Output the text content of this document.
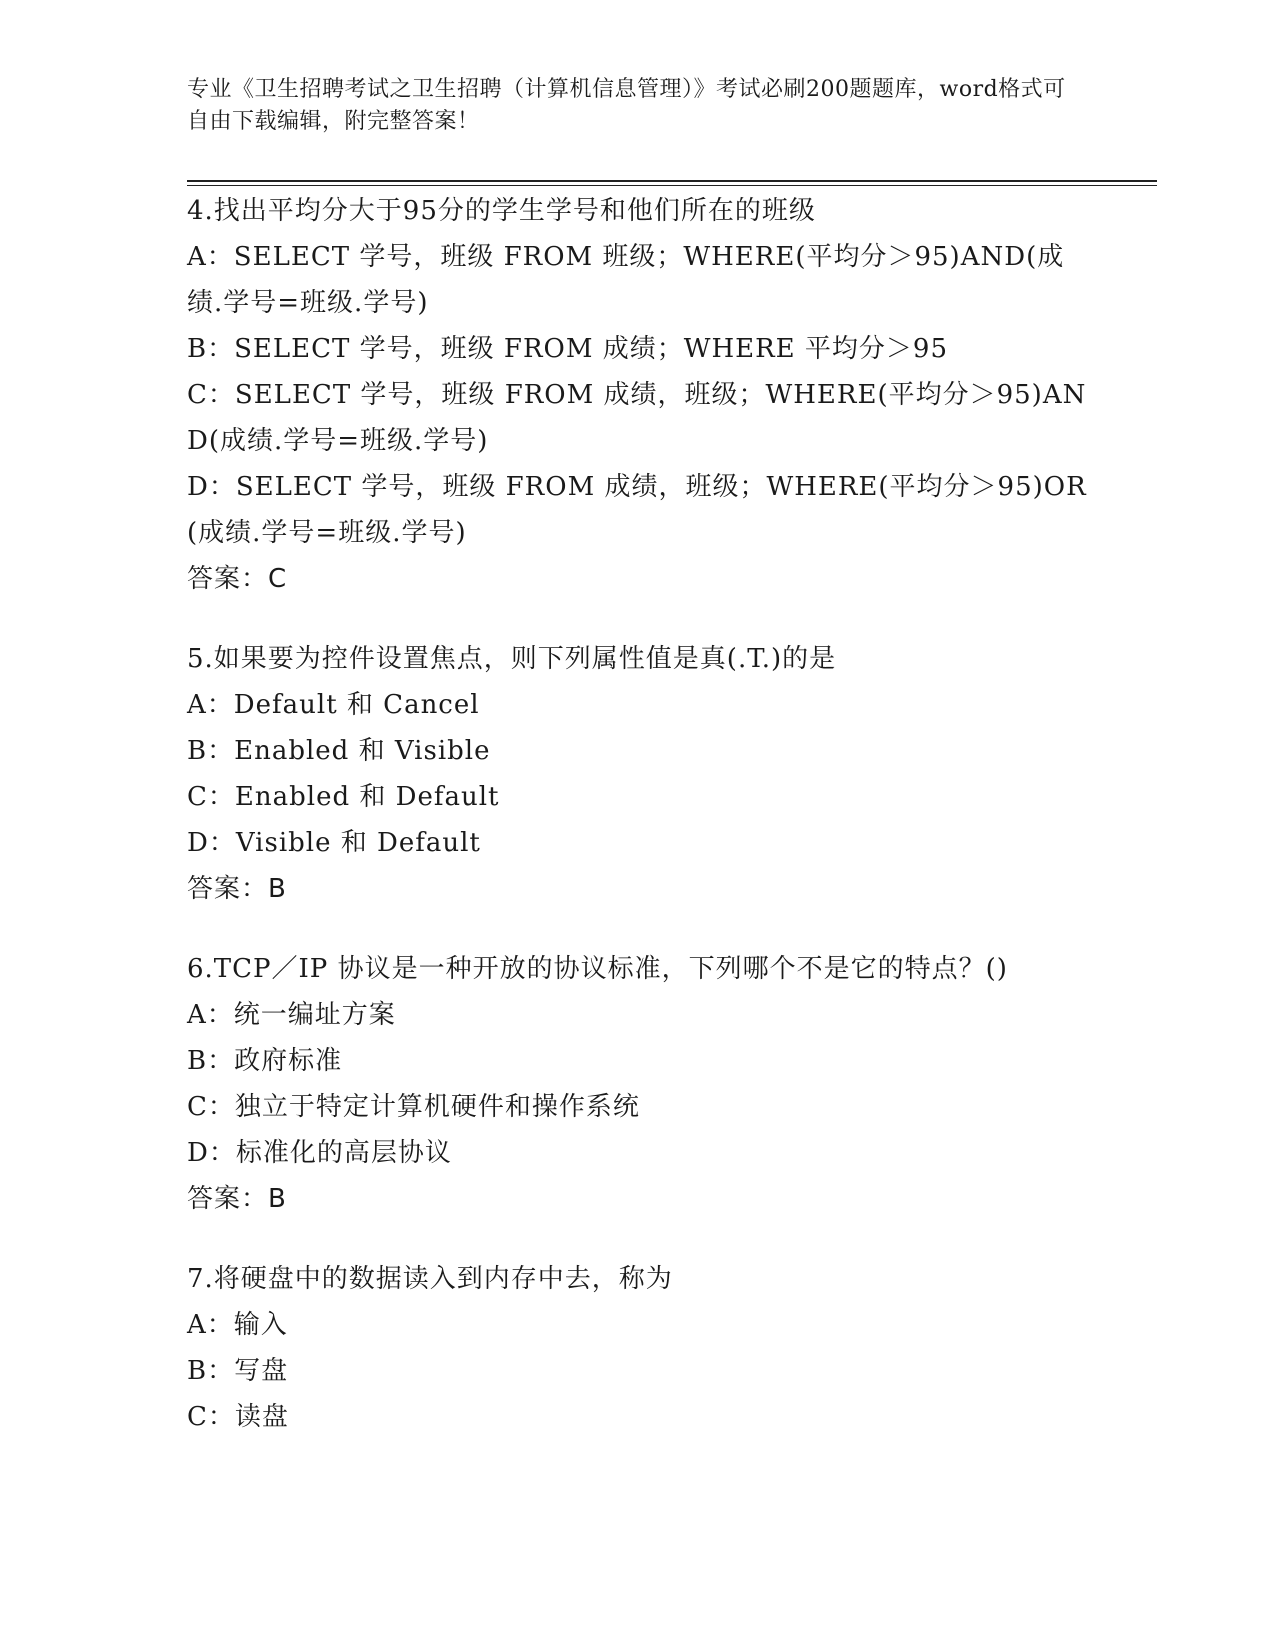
专业《卫生招聘考试之卫生招聘（计算机信息管理）》考试必刷200题题库，word格式可自由下载编辑，附完整答案！
4.找出平均分大于95分的学生学号和他们所在的班级
A：SELECT 学号，班级 FROM 班级；WHERE(平均分＞95)AND(成绩.学号=班级.学号)
B：SELECT 学号，班级 FROM 成绩；WHERE 平均分＞95
C：SELECT 学号，班级 FROM 成绩，班级；WHERE(平均分＞95)AND(成绩.学号=班级.学号)
D：SELECT 学号，班级 FROM 成绩，班级；WHERE(平均分＞95)OR(成绩.学号=班级.学号)
答案：C
5.如果要为控件设置焦点，则下列属性值是真(.T.)的是
A：Default 和 Cancel
B：Enabled 和 Visible
C：Enabled 和 Default
D：Visible 和 Default
答案：B
6.TCP／IP 协议是一种开放的协议标准，下列哪个不是它的特点？()
A：统一编址方案
B：政府标准
C：独立于特定计算机硬件和操作系统
D：标准化的高层协议
答案：B
7.将硬盘中的数据读入到内存中去，称为
A：输入
B：写盘
C：读盘
